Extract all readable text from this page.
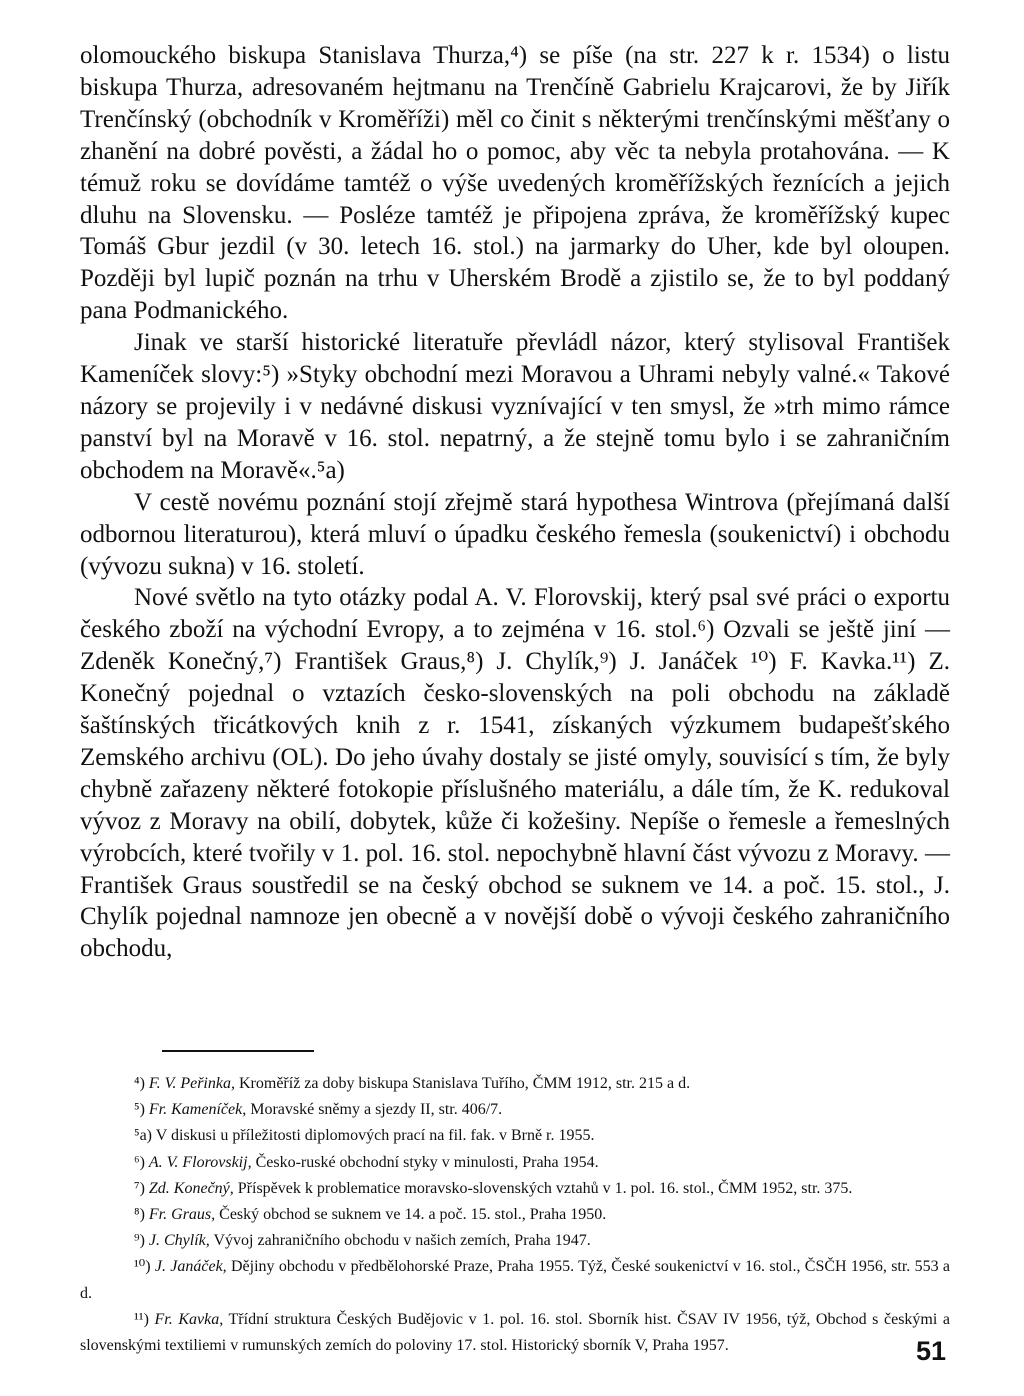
olomouckého biskupa Stanislava Thurza,⁴) se píše (na str. 227 k r. 1534) o listu biskupa Thurza, adresovaném hejtmanu na Trenčíně Gabrielu Krajcarovi, že by Jiřík Trenčínský (obchodník v Kroměříži) měl co činit s některými trenčínskými měšťany o zhanění na dobré pověsti, a žádal ho o pomoc, aby věc ta nebyla protahována. — K témuž roku se dovídáme tamtéž o výše uvedených kroměřížských řeznících a jejich dluhu na Slovensku. — Posléze tamtéž je připojena zpráva, že kroměřížský kupec Tomáš Gbur jezdil (v 30. letech 16. stol.) na jarmarky do Uher, kde byl oloupen. Později byl lupič poznán na trhu v Uherském Brodě a zjistilo se, že to byl poddaný pana Podmanického.

Jinak ve starší historické literatuře převládl názor, který stylisoval František Kameníček slovy:⁵) »Styky obchodní mezi Moravou a Uhrami nebyly valné.« Takové názory se projevily i v nedávné diskusi vyznívající v ten smysl, že »trh mimo rámce panství byl na Moravě v 16. stol. nepatrný, a že stejně tomu bylo i se zahraničním obchodem na Moravě«.⁵a)

V cestě novému poznání stojí zřejmě stará hypothesa Wintrova (přejímaná další odbornou literaturou), která mluví o úpadku českého řemesla (soukenictví) i obchodu (vývozu sukna) v 16. století.

Nové světlo na tyto otázky podal A. V. Florovskij, který psal své práci o exportu českého zboží na východní Evropy, a to zejména v 16. stol.⁶) Ozvali se ještě jiní — Zdeněk Konečný,⁷) František Graus,⁸) J. Chylík,⁹) J. Janáček ¹⁰) F. Kavka.¹¹) Z. Konečný pojednal o vztazích česko-slovenských na poli obchodu na základě šaštínských třicátkových knih z r. 1541, získaných výzkumem budapešťského Zemského archivu (OL). Do jeho úvahy dostaly se jisté omyly, souvisící s tím, že byly chybně zařazeny některé fotokopie příslušného materiálu, a dále tím, že K. redukoval vývoz z Moravy na obilí, dobytek, kůže či kožešiny. Nepíše o řemesle a řemeslných výrobcích, které tvořily v 1. pol. 16. stol. nepochybně hlavní část vývozu z Moravy. — František Graus soustředil se na český obchod se suknem ve 14. a poč. 15. stol., J. Chylík pojednal namnoze jen obecně a v novější době o vývoji českého zahraničního obchodu,

⁴) F. V. Peřinka, Kroměříž za doby biskupa Stanislava Tuřího, ČMM 1912, str. 215 a d.

⁵) Fr. Kameníček, Moravské sněmy a sjezdy II, str. 406/7.

⁵a) V diskusi u příležitosti diplomových prací na fil. fak. v Brně r. 1955.

⁶) A. V. Florovskij, Česko-ruské obchodní styky v minulosti, Praha 1954.

⁷) Zd. Konečný, Příspěvek k problematice moravsko-slovenských vztahů v 1. pol. 16. stol., ČMM 1952, str. 375.

⁸) Fr. Graus, Český obchod se suknem ve 14. a poč. 15. stol., Praha 1950.

⁹) J. Chylík, Vývoj zahraničního obchodu v našich zemích, Praha 1947.

¹⁰) J. Janáček, Dějiny obchodu v předbělohorské Praze, Praha 1955. Týž, České soukenictví v 16. stol., ČSČH 1956, str. 553 a d.

¹¹) Fr. Kavka, Třídní struktura Českých Budějovic v 1. pol. 16. stol. Sborník hist. ČSAV IV 1956, týž, Obchod s českými a slovenskými textiliemi v rumunských zemích do poloviny 17. stol. Historický sborník V, Praha 1957.	51
